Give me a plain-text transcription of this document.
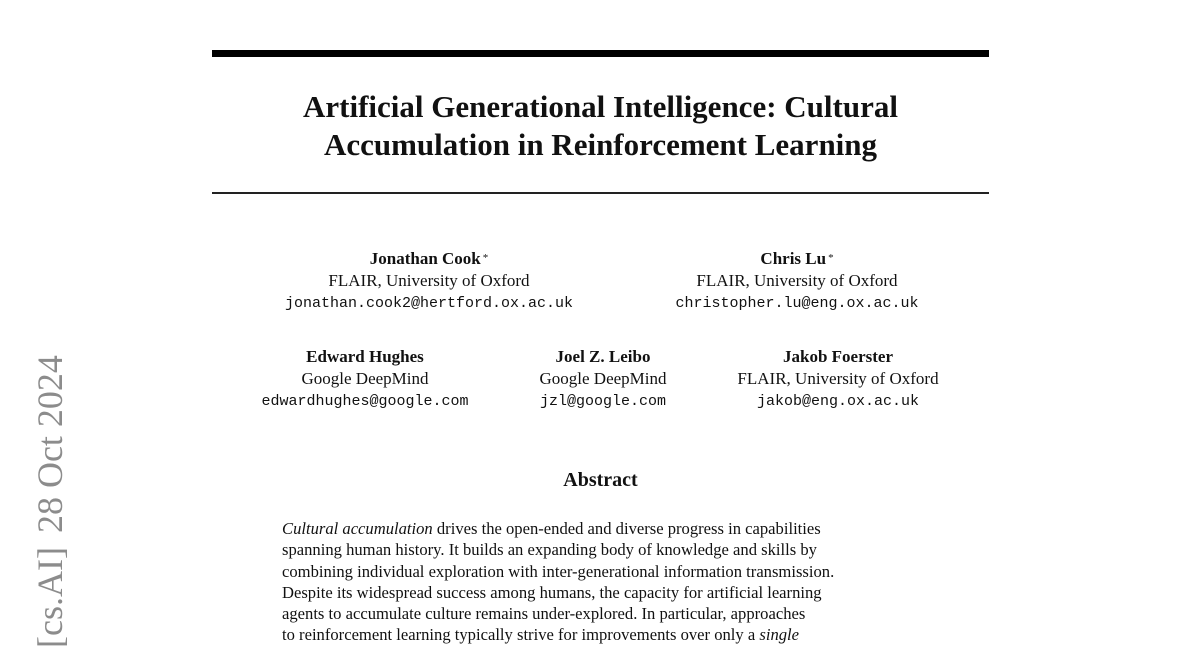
Artificial Generational Intelligence: Cultural
Accumulation in Reinforcement Learning
Jonathan Cook *
FLAIR, University of Oxford
jonathan.cook2@hertford.ox.ac.uk
Chris Lu *
FLAIR, University of Oxford
christopher.lu@eng.ox.ac.uk
Edward Hughes
Google DeepMind
edwardhughes@google.com
Joel Z. Leibo
Google DeepMind
jzl@google.com
Jakob Foerster
FLAIR, University of Oxford
jakob@eng.ox.ac.uk
Abstract
Cultural accumulation drives the open-ended and diverse progress in capabilities
spanning human history. It builds an expanding body of knowledge and skills by
combining individual exploration with inter-generational information transmission.
Despite its widespread success among humans, the capacity for artificial learning
agents to accumulate culture remains under-explored. In particular, approaches
to reinforcement learning typically strive for improvements over only a single
[cs.AI]28 Oct 2024
